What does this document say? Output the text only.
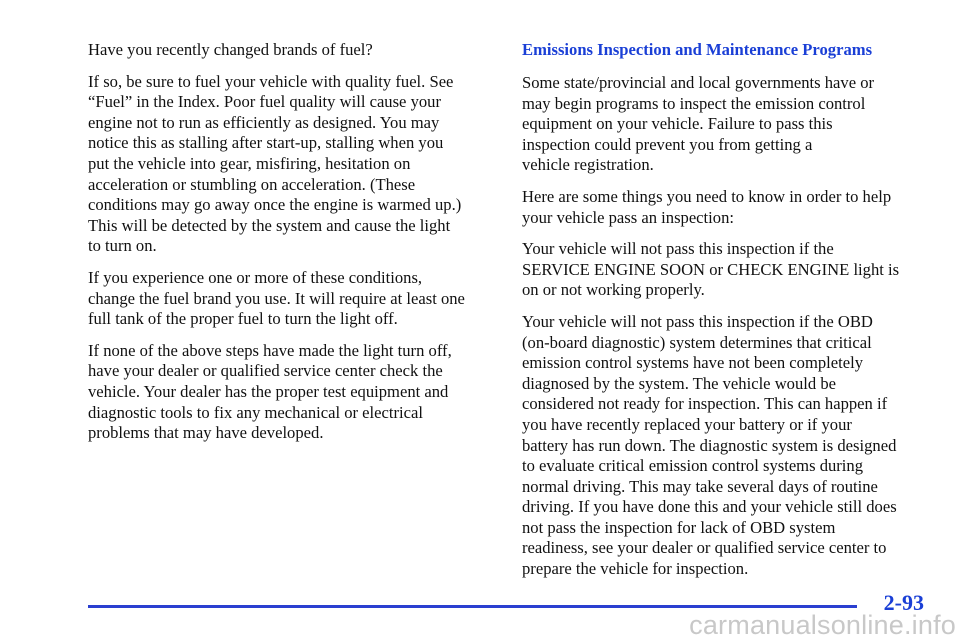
Have you recently changed brands of fuel?

If so, be sure to fuel your vehicle with quality fuel. See
“Fuel” in the Index. Poor fuel quality will cause your
engine not to run as efficiently as designed. You may
notice this as stalling after start-up, stalling when you
put the vehicle into gear, misfiring, hesitation on
acceleration or stumbling on acceleration. (These
conditions may go away once the engine is warmed up.)
This will be detected by the system and cause the light
to turn on.

If you experience one or more of these conditions,
change the fuel brand you use. It will require at least one
full tank of the proper fuel to turn the light off.

If none of the above steps have made the light turn off,
have your dealer or qualified service center check the
vehicle. Your dealer has the proper test equipment and
diagnostic tools to fix any mechanical or electrical
problems that may have developed.

Emissions Inspection and Maintenance Programs

Some state/provincial and local governments have or
may begin programs to inspect the emission control
equipment on your vehicle. Failure to pass this
inspection could prevent you from getting a
vehicle registration.

Here are some things you need to know in order to help
your vehicle pass an inspection:

Your vehicle will not pass this inspection if the
SERVICE ENGINE SOON or CHECK ENGINE light is
on or not working properly.

Your vehicle will not pass this inspection if the OBD
(on-board diagnostic) system determines that critical
emission control systems have not been completely
diagnosed by the system. The vehicle would be
considered not ready for inspection. This can happen if
you have recently replaced your battery or if your
battery has run down. The diagnostic system is designed
to evaluate critical emission control systems during
normal driving. This may take several days of routine
driving. If you have done this and your vehicle still does
not pass the inspection for lack of OBD system
readiness, see your dealer or qualified service center to
prepare the vehicle for inspection.

2-93
carmanualsonline.info
